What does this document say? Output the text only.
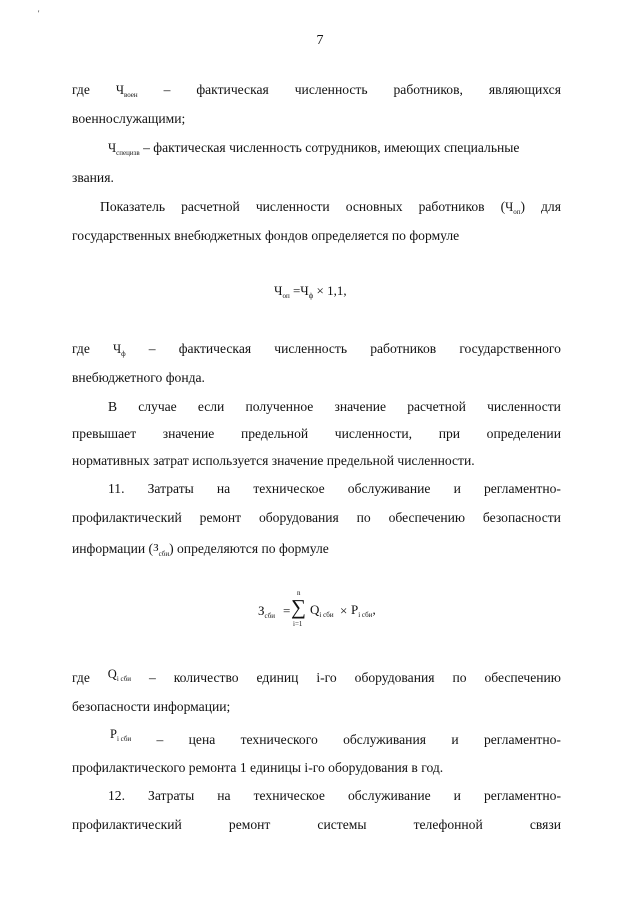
'
7
где $Ч_{воен}$ – фактическая численность работников, являющихся
военнослужащими;
$Ч_{специзв}$ – фактическая численность сотрудников, имеющих специальные
звания.
Показатель расчетной численности основных работников $(Ч_{оп})$ для
государственных внебюджетных фондов определяется по формуле
$Ч_{оп} =Ч_ф \times 1,1$,
где $Ч_ф$ – фактическая численность работников государственного
внебюджетного фонда.
В случае если полученное значение расчетной численности
превышает значение предельной численности, при определении
нормативных затрат используется значение предельной численности.
11. Затраты на техническое обслуживание и регламентно-
профилактический ремонт оборудования по обеспечению безопасности
информации $(З_{сби})$ определяются по формуле
$З_{сби}$ =
n
∑
i=1
$Q_{i сби} \times P_{i сби}$,
где $Q_{i сби}$ – количество единиц i-го оборудования по обеспечению
безопасности информации;
$P_{i сби}$ – цена технического обслуживания и регламентно-
профилактического ремонта 1 единицы i-го оборудования в год.
12. Затраты на техническое обслуживание и регламентно-
профилактический	ремонт	системы	телефонной	связи
